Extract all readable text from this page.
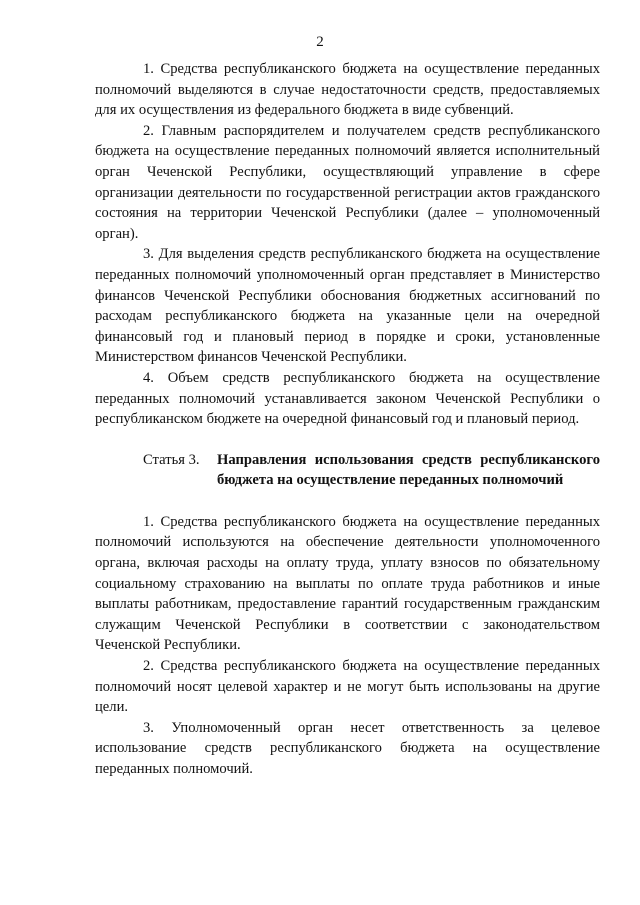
2

1. Средства республиканского бюджета на осуществление переданных полномочий выделяются в случае недостаточности средств, предоставляемых для их осуществления из федерального бюджета в виде субвенций.

2. Главным распорядителем и получателем средств республиканского бюджета на осуществление переданных полномочий является исполнительный орган Чеченской Республики, осуществляющий управление в сфере организации деятельности по государственной регистрации актов гражданского состояния на территории Чеченской Республики (далее – уполномоченный орган).

3. Для выделения средств республиканского бюджета на осуществление переданных полномочий уполномоченный орган представляет в Министерство финансов Чеченской Республики обоснования бюджетных ассигнований по расходам республиканского бюджета на указанные цели на очередной финансовый год и плановый период в порядке и сроки, установленные Министерством финансов Чеченской Республики.

4. Объем средств республиканского бюджета на осуществление переданных полномочий устанавливается законом Чеченской Республики о республиканском бюджете на очередной финансовый год и плановый период.

Статья 3.	Направления использования средств республиканского бюджета на осуществление переданных полномочий

1. Средства республиканского бюджета на осуществление переданных полномочий используются на обеспечение деятельности уполномоченного органа, включая расходы на оплату труда, уплату взносов по обязательному социальному страхованию на выплаты по оплате труда работников и иные выплаты работникам, предоставление гарантий государственным гражданским служащим Чеченской Республики в соответствии с законодательством Чеченской Республики.

2. Средства республиканского бюджета на осуществление переданных полномочий носят целевой характер и не могут быть использованы на другие цели.

3. Уполномоченный орган несет ответственность за целевое использование средств республиканского бюджета на осуществление переданных полномочий.
